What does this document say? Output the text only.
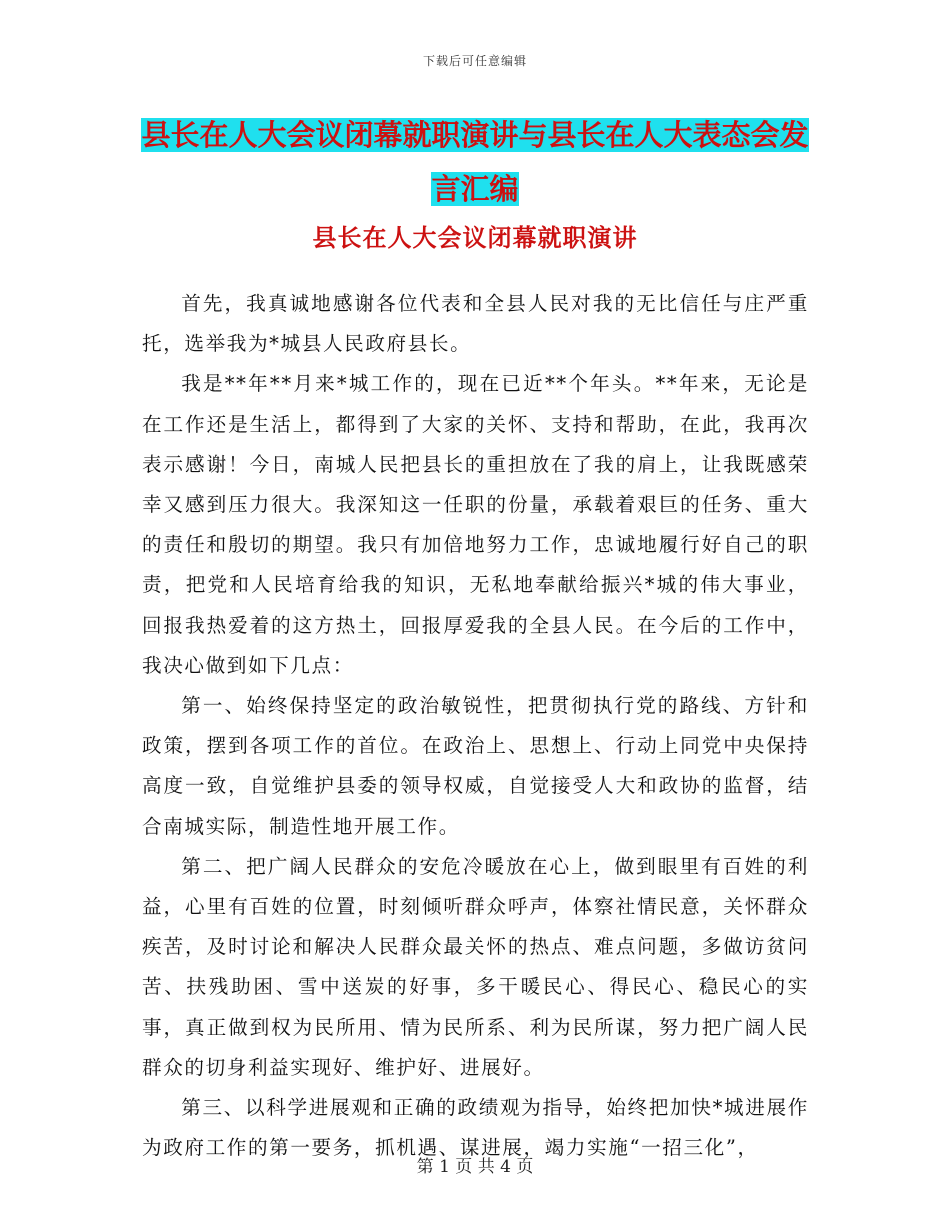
下载后可任意编辑
县长在人大会议闭幕就职演讲与县长在人大表态会发言汇编
县长在人大会议闭幕就职演讲

首先，我真诚地感谢各位代表和全县人民对我的无比信任与庄严重托，选举我为*城县人民政府县长。

我是**年**月来*城工作的，现在已近**个年头。**年来，无论是在工作还是生活上，都得到了大家的关怀、支持和帮助，在此，我再次表示感谢！今日，南城人民把县长的重担放在了我的肩上，让我既感荣幸又感到压力很大。我深知这一任职的份量，承载着艰巨的任务、重大的责任和殷切的期望。我只有加倍地努力工作，忠诚地履行好自己的职责，把党和人民培育给我的知识，无私地奉献给振兴*城的伟大事业，回报我热爱着的这方热土，回报厚爱我的全县人民。在今后的工作中，我决心做到如下几点：

第一、始终保持坚定的政治敏锐性，把贯彻执行党的路线、方针和政策，摆到各项工作的首位。在政治上、思想上、行动上同党中央保持高度一致，自觉维护县委的领导权威，自觉接受人大和政协的监督，结合南城实际，制造性地开展工作。

第二、把广阔人民群众的安危冷暖放在心上，做到眼里有百姓的利益，心里有百姓的位置，时刻倾听群众呼声，体察社情民意，关怀群众疾苦，及时讨论和解决人民群众最关怀的热点、难点问题，多做访贫问苦、扶残助困、雪中送炭的好事，多干暖民心、得民心、稳民心的实事，真正做到权为民所用、情为民所系、利为民所谋，努力把广阔人民群众的切身利益实现好、维护好、进展好。

第三、以科学进展观和正确的政绩观为指导，始终把加快*城进展作为政府工作的第一要务，抓机遇、谋进展，竭力实施“一招三化”，

第 1 页 共 4 页
